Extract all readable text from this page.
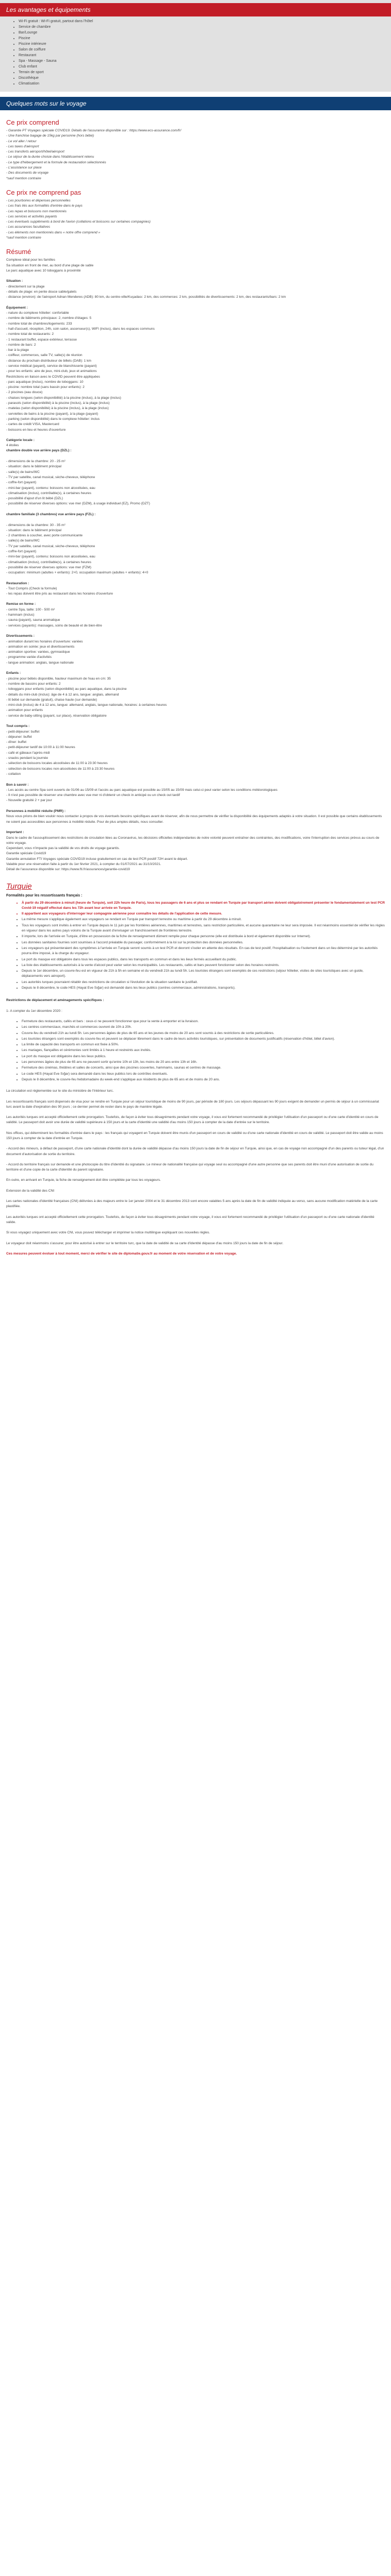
Les avantages et équipements
• Wi-Fi gratuit : Wi-Fi gratuit, partout dans l'hôtel
• Service de chambre
• Bar/Lounge
• Piscine
• Piscine intérieure
• Salon de coiffure
• Restaurant
• Spa - Massage - Sauna
• Club enfant
• Terrain de sport
• Discothèque
• Climatisation
Quelques mots sur le voyage
Ce prix comprend

- Garantie PT Voyages spéciale COVID19. Détails de l'assurance disponible sur : https://www.ecs-assurance.com/fr/

- Une franchise bagage de 15kg par personne (hors bébé)

- Le vol aller / retour

- Les taxes d'aéroport

- Les transferts aéroport/hôtel/aéroport

- Le séjour de la durée choisie dans l'établissement retenu

- Le type d'hébergement et la formule de restauration sélectionnés

- L'assistance sur place

- Des documents de voyage

*sauf mention contraire

Ce prix ne comprend pas

- Les pourboires et dépenses personnelles

- Les frais liés aux formalités d'entrée dans le pays

- Les repas et boissons non mentionnés

- Les services et activités payants

- Les éventuels suppléments à bord de l'avion (collations et boissons sur certaines compagnies)

- Les assurances facultatives

- Les éléments non mentionnés dans « notre offre comprend »

*sauf mention contraire

Résumé

Complexe idéal pour les familles

Sa situation en front de mer, au bord d'une plage de sable

Le parc aquatique avec 10 toboggans à proximité

Situation :

- directement sur la plage

- détails de plage: en pente douce sable/galets

- distance (environ): de l'aéroport Adnan Menderes (ADB): 80 km, du centre-ville/Kuşadası: 2 km, des commerces: 2 km, possibilités de divertissements: 2 km, des restaurants/bars: 2 km

Équipement :

- nature du complexe hôtelier: confortable

- nombre de bâtiments principaux: 2, nombre d'étages: 5

- nombre total de chambres/logements: 233

- hall d'accueil, réception, 24h, coin salon, ascenseur(s), WIFI (inclus), dans les espaces communs

- nombre total de restaurants: 2

- 1 restaurant buffet, espace extérieur, terrasse

- nombre de bars: 2

- bar à la plage

- coiffeur, commerces, salle TV, salle(s) de réunion

- distance du prochain distributeur de billets (DAB): 1 km

- service médical (payant), service de blanchisserie (payant)

- pour les enfants: aire de jeux, mini-club, jeux et animations

Restrictions en liaison avec le COVID peuvent être appliquées

- parc aquatique (inclus), nombre de toboggans: 10

- piscine: nombre total (sans bassin pour enfants): 2

- 2 piscines (eau douce)

- chaises longues (selon disponibilité) à la piscine (inclus), à la plage (inclus)

- parasols (selon disponibilité) à la piscine (inclus), à la plage (inclus)

- matelas (selon disponibilité) à la piscine (inclus), à la plage (inclus)

- serviettes de bains à la piscine (payant), à la plage (payant)

- parking (selon disponibilité) dans le complexe hôtelier: inclus

- cartes de crédit VISA, Mastercard

- boissons en lieu et heures d'ouverture

Catégorie locale :

4 étoiles

chambre double vue arrière pays (DZL) :

- dimensions de la chambre: 20 - 25 m²

- situation: dans le bâtiment principal

- salle(s) de bains/WC

- TV par satellite, canal musical, sèche-cheveux, téléphone

- coffre-fort (payant)

- mini-bar (payant), contenu: boissons non alcoolisées, eau

- climatisation (inclus), contrôlable(s), à certaines heures

- possibilité d'ajout d'un lit bébé (DZL)

- possibilité de réserver diverses options: vue mer (DZM), à usage individuel (EZ), Promo (DZT)

chambre familiale (3 chambres) vue arrière pays (FZL) :

- dimensions de la chambre: 30 - 35 m²

- situation: dans le bâtiment principal

- 2 chambres à coucher, avec porte communicante

- salle(s) de bains/WC

- TV par satellite, canal musical, sèche-cheveux, téléphone

- coffre-fort (payant)

- mini-bar (payant), contenu: boissons non alcoolisées, eau

- climatisation (inclus), contrôlable(s), à certaines heures

- possibilité de réserver diverses options: vue mer (FZM)

- occupation: minimum (adultes + enfants): 2+0, occupation maximum (adultes + enfants): 4+0

Restauration :

- Tout Compris (Check la formule)

- les repas doivent être pris au restaurant dans les horaires d'ouverture

Remise en forme :

- centre Spa, taille: 100 - 500 m²

- hammam (inclus)

- sauna (payant), sauna aromatique

- services (payants): massages, soins de beauté et de bien-être

Divertissements :

- animation durant les horaires d'ouverture: variées

- animation en soirée: jeux et divertissements

- animation sportive: variées, gymnastique

- programme variée d'activités

- langue animation: anglais, langue nationale

Enfants :

- piscine pour bébés disponible, hauteur maximum de l'eau en cm: 35

- nombre de bassins pour enfants: 2

- toboggans pour enfants (selon disponibilité) au parc aquatique, dans la piscine

- détails du mini-club (inclus): âge de 4 à 12 ans, langue: anglais, allemand

- lit bébé sur demande (gratuit), chaise haute (sur demande)

- mini-club (inclus) de 4 à 12 ans, langue: allemand, anglais, langue nationale, horaires: à certaines heures

- animation pour enfants

- service de baby-sitting (payant, sur place), réservation obligatoire

Tout compris :

- petit-déjeuner: buffet

- déjeuner: buffet

- dîner: buffet

- petit-déjeuner tardif de 10:00 à 11:00 heures

- café et gâteaux l'après-midi

- snacks pendant la journée

- sélection de boissons locales alcoolisées de 11:00 à 23:30 heures

- sélection de boissons locales non-alcoolisées de 11:00 à 23:30 heures

- collation

Bon à savoir :

- Les accès au centre Spa sont ouverts de 01/06 au 15/09 et l'accès au parc aquatique est possible au 15/05 au 15/09 mais celui-ci peut varier selon les conditions météorologiques

- Il n'est pas possible de réserver une chambre avec vue mer ni d'obtenir un check in anticipé ou un check out tardif

- Nouvelle gratuité 2 + par jour

Personnes à mobilité réduite (PMR) :

Nous vous prions de bien vouloir nous contacter à propos de vos éventuels besoins spécifiques avant de réserver, afin de nous permettre de vérifier la disponibilité des équipements adaptés à votre situation. Il est possible que certains établissements ne soient pas accessibles aux personnes à mobilité réduite. Pour de plus amples détails, nous consulter.

Important :

Dans le cadre de l'assouplissement des restrictions de circulation liées au Coronavirus, les décisions officielles indépendantes de notre volonté peuvent entraîner des contraintes, des modifications, voire l'interruption des services prévus au cours de votre voyage.

Cependant, vous n'impacte pas la validité de vos droits de voyage garantis.

Garantie spéciale Covid19

Garantie annulation FTI Voyages spéciale COVID19 incluse gratuitement en cas de test PCR positif 72H avant le départ.

Valable pour une réservation faite à partir du 1er février 2021, à compter du 01/07/2021 au 31/10/2021.

Détail de l'assurance disponible sur: https://www.fti.fr/assurances/garantie-covid19

Turquie
Formalités pour les ressortissants français :
• À partir du 29 décembre à minuit (heure de Turquie), soit 22h heure de Paris), tous les passagers de 6 ans et plus se rendant en Turquie par transport aérien doivent obligatoirement présenter le fondamentalement un test PCR Covid-19 négatif effectué dans les 72h avant leur arrivée en Turquie.
• Il appartient aux voyageurs d'interroger leur compagnie aérienne pour connaître les détails de l'application de cette mesure.
• La même mesure s'applique également aux voyageurs se rendant en Turquie par transport terrestre ou maritime à partir du 29 décembre à minuit.
• Tous les voyageurs sont invités à entrer en Turquie depuis le 11 juin par les frontières aériennes, maritimes et terrestres, sans restriction particulière, et aucune quarantaine ne leur sera imposée. Il est néanmoins essentiel de vérifier les règles en vigueur dans les autres pays voisins de la Turquie avant d'envisager un franchissement de frontières terrestre.
• Il importe, lors de l'arrivée en Turquie, d'être en possession de la fiche de renseignement dûment remplie pour chaque personne (elle est distribuée à bord et également disponible sur Internet).
• Les données sanitaires fournies sont soumises à l'accord préalable du passager, conformément à la loi sur la protection des données personnelles.
• Les voyageurs qui présenteraient des symptômes à l'arrivée en Turquie seront soumis à un test PCR et devront s'isoler en attente des résultats. En cas de test positif, l'hospitalisation ou l'isolement dans un lieu déterminé par les autorités pourra être imposé, à la charge du voyageur.
• Le port du masque est obligatoire dans tous les espaces publics, dans les transports en commun et dans les lieux fermés accueillant du public.
• La liste des établissements autorisés à la vente d'alcool peut varier selon les municipalités. Les restaurants, cafés et bars peuvent fonctionner selon des horaires restreints.
• Depuis le 1er décembre, un couvre-feu est en vigueur de 21h à 5h en semaine et du vendredi 21h au lundi 5h. Les touristes étrangers sont exemptés de ces restrictions (séjour hôtelier, visites de sites touristiques avec un guide, déplacements vers aéroport).
• Les autorités turques pourraient rétablir des restrictions de circulation si l'évolution de la situation sanitaire le justifiait.
• Depuis le 8 décembre, le code HES (Hayat Eve Sığar) est demandé dans les lieux publics (centres commerciaux, administrations, transports).
Restrictions de déplacement et aménagements spécifiques :
1- A compter du 1er décembre 2020 :
• Fermeture des restaurants, cafés et bars : ceux-ci ne peuvent fonctionner que pour la vente à emporter et la livraison.
• Les centres commerciaux, marchés et commerces ouvrent de 10h à 20h.
• Couvre-feu du vendredi 21h au lundi 5h. Les personnes âgées de plus de 65 ans et les jeunes de moins de 20 ans sont soumis à des restrictions de sortie particulières.
• Les touristes étrangers sont exemptés du couvre-feu et peuvent se déplacer librement dans le cadre de leurs activités touristiques, sur présentation de documents justificatifs (réservation d'hôtel, billet d'avion).
• La limite de capacité des transports en commun est fixée à 50%.
• Les mariages, fiançailles et cérémonies sont limités à 1 heure et restreints aux invités.
• Le port du masque est obligatoire dans les lieux publics.
• Les personnes âgées de plus de 65 ans ne peuvent sortir qu'entre 10h et 13h, les moins de 20 ans entre 13h et 16h.
• Fermeture des cinémas, théâtres et salles de concerts, ainsi que des piscines couvertes, hammams, saunas et centres de massage.
• Le code HES (Hayat Eve Sığar) sera demandé dans les lieux publics lors de contrôles éventuels.
• Depuis le 8 décembre, le couvre-feu hebdomadaire du week-end s'applique aux résidents de plus de 65 ans et de moins de 20 ans.
La circulation est réglementée sur le site du ministère de l'Intérieur turc.
Les ressortissants français sont dispensés de visa pour se rendre en Turquie pour un séjour touristique de moins de 90 jours, par période de 180 jours. Les séjours dépassant les 90 jours exigent de demander un permis de séjour à un commissariat turc avant la date d'expiration des 90 jours ; ce dernier permet de rester dans le pays de manière légale.
Les autorités turques ont accepté officiellement cette prorogation. Toutefois, de façon à éviter tous désagréments pendant votre voyage, il vous est fortement recommandé de privilégier l'utilisation d'un passeport ou d'une carte d'identité en cours de validité. Le passeport doit avoir une durée de validité supérieure à 150 jours et la carte d'identité une validité d'au moins 150 jours à compter de la date d'entrée sur le territoire.
Nos offices, qui déterminent les formalités d'entrée dans le pays : les français qui voyagent en Turquie doivent être munis d'un passeport en cours de validité ou d'une carte nationale d'identité en cours de validité. Le passeport doit être valide au moins 150 jours à compter de la date d'entrée en Turquie.
- Accord des mineurs, à défaut de passeport, d'une carte nationale d'identité dont la durée de validité dépasse d'au moins 150 jours la date de fin de séjour en Turquie, ainsi que, en cas de voyage non accompagné d'un des parents ou tuteur légal, d'un document d'autorisation de sortie du territoire.
- Accord du territoire français sur demande et une photocopie du titre d'identité du signataire. Le mineur de nationalité française qui voyage seul ou accompagné d'une autre personne que ses parents doit être muni d'une autorisation de sortie du territoire et d'une copie de la carte d'identité du parent signataire.
En outre, en arrivant en Turquie, la fiche de renseignement doit être complétée par tous les voyageurs.
Extension de la validité des CNI
Les cartes nationales d'identité françaises (CNI) délivrées à des majeurs entre le 1er janvier 2004 et le 31 décembre 2013 sont encore valables 5 ans après la date de fin de validité indiquée au verso, sans aucune modification matérielle de la carte plastifiée.
Les autorités turques ont accepté officiellement cette prorogation. Toutefois, de façon à éviter tous désagréments pendant votre voyage, il vous est fortement recommandé de privilégier l'utilisation d'un passeport ou d'une carte nationale d'identité valide.
Si vous voyagez uniquement avec votre CNI, vous pouvez télécharger et imprimer la notice multilingue expliquant ces nouvelles règles.
Le voyageur doit néanmoins s'assurer, pour être autorisé à entrer sur le territoire turc, que la date de validité de sa carte d'identité dépasse d'au moins 150 jours la date de fin de séjour.
Ces mesures peuvent évoluer à tout moment, merci de vérifier le site de diplomatie.gouv.fr au moment de votre réservation et de votre voyage.
